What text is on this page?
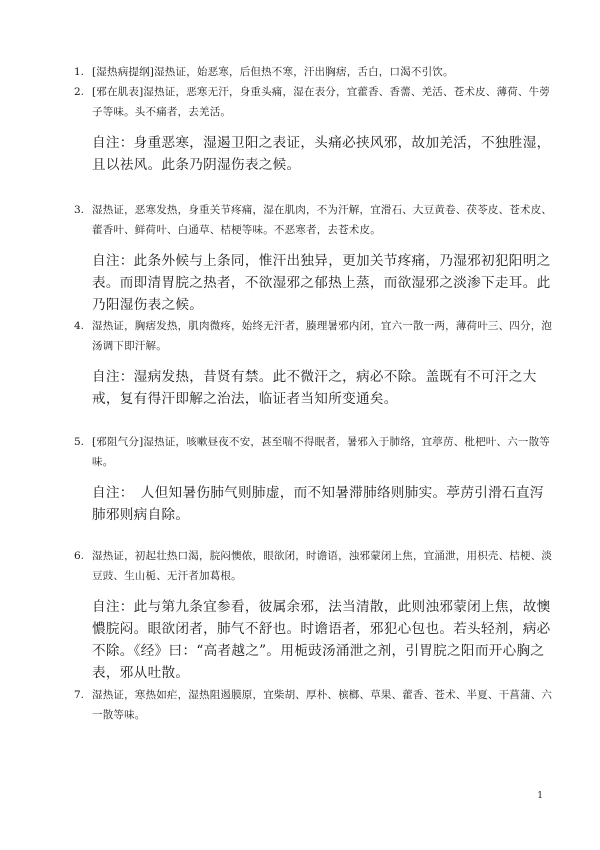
1. [湿热病提纲]湿热证，始恶寒，后但热不寒，汗出胸痞，舌白，口渴不引饮。
2. [邪在肌表]湿热证，恶寒无汗，身重头痛，湿在表分，宜藿香、香薷、羌活、苍术皮、薄荷、牛蒡子等味。头不痛者，去羌活。
自注：身重恶寒，湿遏卫阳之表证，头痛必挟风邪，故加羌活，不独胜湿，且以祛风。此条乃阴湿伤表之候。
3. 湿热证，恶寒发热，身重关节疼痛，湿在肌肉，不为汗解，宜滑石、大豆黄卷、茯苓皮、苍术皮、藿香叶、鲜荷叶、白通草、桔梗等味。不恶寒者，去苍术皮。
自注：此条外候与上条同，惟汗出独异，更加关节疼痛，乃湿邪初犯阳明之表。而即清胃脘之热者，不欲湿邪之郁热上蒸，而欲湿邪之淡渗下走耳。此乃阳湿伤表之候。
4. 湿热证，胸痞发热，肌肉微疼，始终无汗者，腠理暑邪内闭，宜六一散一两，薄荷叶三、四分，泡汤调下即汗解。
自注：湿病发热，昔贤有禁。此不微汗之，病必不除。盖既有不可汗之大戒，复有得汗即解之治法，临证者当知所变通矣。
5. [邪阻气分]湿热证，咳嗽昼夜不安，甚至喘不得眠者，暑邪入于肺络，宜葶苈、枇杷叶、六一散等味。
自注：　人但知暑伤肺气则肺虚，而不知暑滞肺络则肺实。葶苈引滑石直泻肺邪则病自除。
6. 湿热证，初起壮热口渴，脘闷懊侬，眼欲闭，时谵语，浊邪蒙闭上焦，宜涌泄，用枳壳、桔梗、淡豆豉、生山栀、无汗者加葛根。
自注：此与第九条宜参看，彼属余邪，法当清散，此则浊邪蒙闭上焦，故懊憹脘闷。眼欲闭者，肺气不舒也。时谵语者，邪犯心包也。若头轻剂，病必不除。《经》曰：“高者越之”。用栀豉汤涌泄之剂，引胃脘之阳而开心胸之表，邪从吐散。
7. 湿热证，寒热如疟，湿热阻遏膜原，宜柴胡、厚朴、槟榔、草果、藿香、苍术、半夏、干菖蒲、六一散等味。
1
